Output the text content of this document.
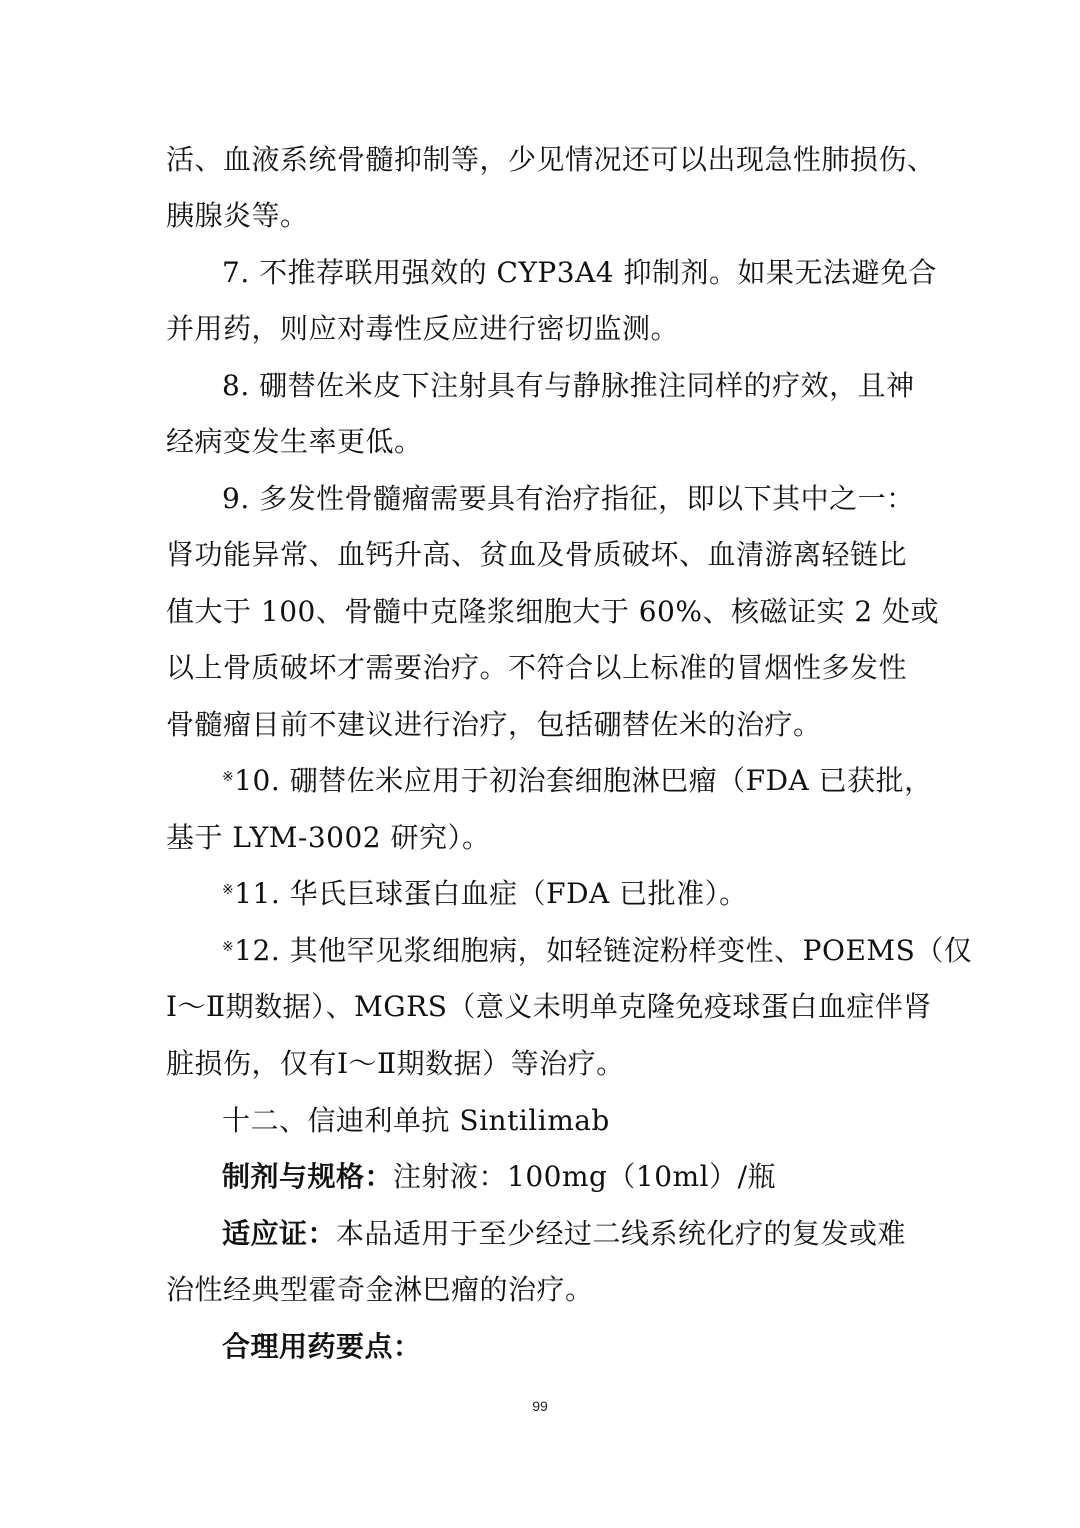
活、血液系统骨髓抑制等，少见情况还可以出现急性肺损伤、
胰腺炎等。
7. 不推荐联用强效的 CYP3A4 抑制剂。如果无法避免合
并用药，则应对毒性反应进行密切监测。
8. 硼替佐米皮下注射具有与静脉推注同样的疗效，且神
经病变发生率更低。
9. 多发性骨髓瘤需要具有治疗指征，即以下其中之一：
肾功能异常、血钙升高、贫血及骨质破坏、血清游离轻链比
值大于 100、骨髓中克隆浆细胞大于 60%、核磁证实 2 处或
以上骨质破坏才需要治疗。不符合以上标准的冒烟性多发性
骨髓瘤目前不建议进行治疗，包括硼替佐米的治疗。
※10. 硼替佐米应用于初治套细胞淋巴瘤（FDA 已获批，
基于 LYM-3002 研究）。
※11. 华氏巨球蛋白血症（FDA 已批准）。
※12. 其他罕见浆细胞病，如轻链淀粉样变性、POEMS（仅
Ⅰ～Ⅱ期数据）、MGRS（意义未明单克隆免疫球蛋白血症伴肾
脏损伤，仅有Ⅰ～Ⅱ期数据）等治疗。
十二、信迪利单抗 Sintilimab
制剂与规格：注射液：100mg（10ml）/瓶
适应证：本品适用于至少经过二线系统化疗的复发或难
治性经典型霍奇金淋巴瘤的治疗。
合理用药要点：
99
